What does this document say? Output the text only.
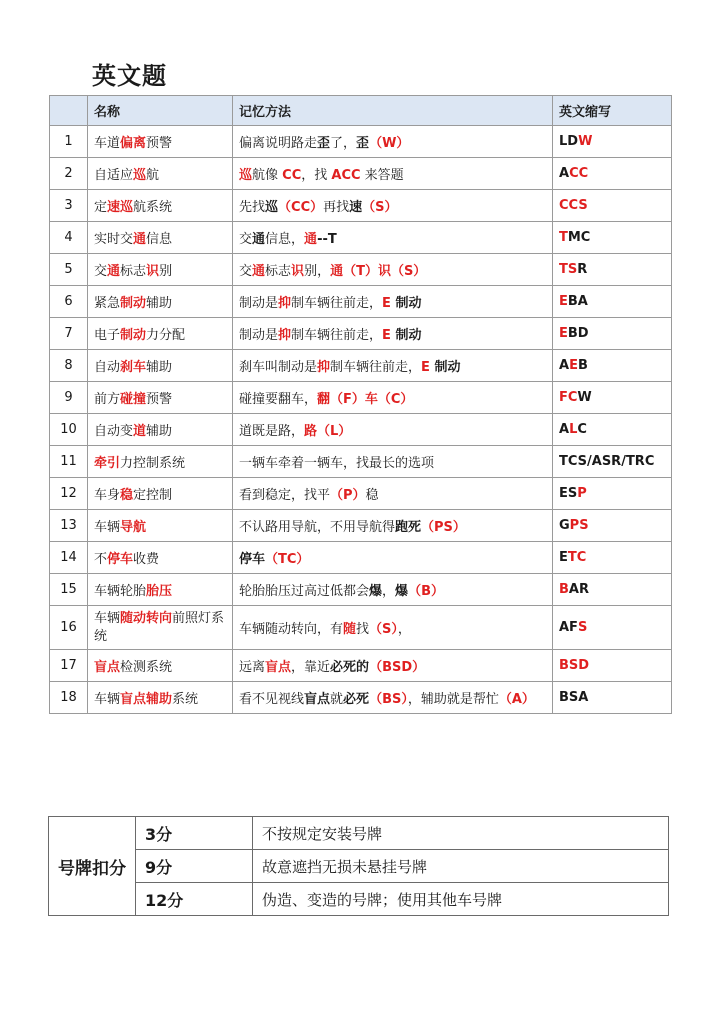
英文题
	名称	记忆方法	英文缩写
1	车道偏离预警	偏离说明路走歪了，歪（W）	LDW
2	自适应巡航	巡航像 CC，找 ACC 来答题	ACC
3	定速巡航系统	先找巡（CC）再找速（S）	CCS
4	实时交通信息	交通信息，通--T	TMC
5	交通标志识别	交通标志识别，通（T）识（S）	TSR
6	紧急制动辅助	制动是抑制车辆往前走，E 制动	EBA
7	电子制动力分配	制动是抑制车辆往前走，E 制动	EBD
8	自动刹车辅助	刹车叫制动是抑制车辆往前走，E 制动	AEB
9	前方碰撞预警	碰撞要翻车，翻（F）车（C）	FCW
10	自动变道辅助	道既是路，路（L）	ALC
11	牵引力控制系统	一辆车牵着一辆车，找最长的选项	TCS/ASR/TRC
12	车身稳定控制	看到稳定，找平（P）稳	ESP
13	车辆导航	不认路用导航，不用导航得跑死（PS）	GPS
14	不停车收费	停车（TC）	ETC
15	车辆轮胎胎压	轮胎胎压过高过低都会爆，爆（B）	BAR
16	车辆随动转向前照灯系统	车辆随动转向，有随找（S），	AFS
17	盲点检测系统	远离盲点，靠近必死的（BSD）	BSD
18	车辆盲点辅助系统	看不见视线盲点就必死（BS），辅助就是帮忙（A）	BSA
号牌扣分	3分	不按规定安装号牌
	9分	故意遮挡无损未悬挂号牌
	12分	伪造、变造的号牌；使用其他车号牌
